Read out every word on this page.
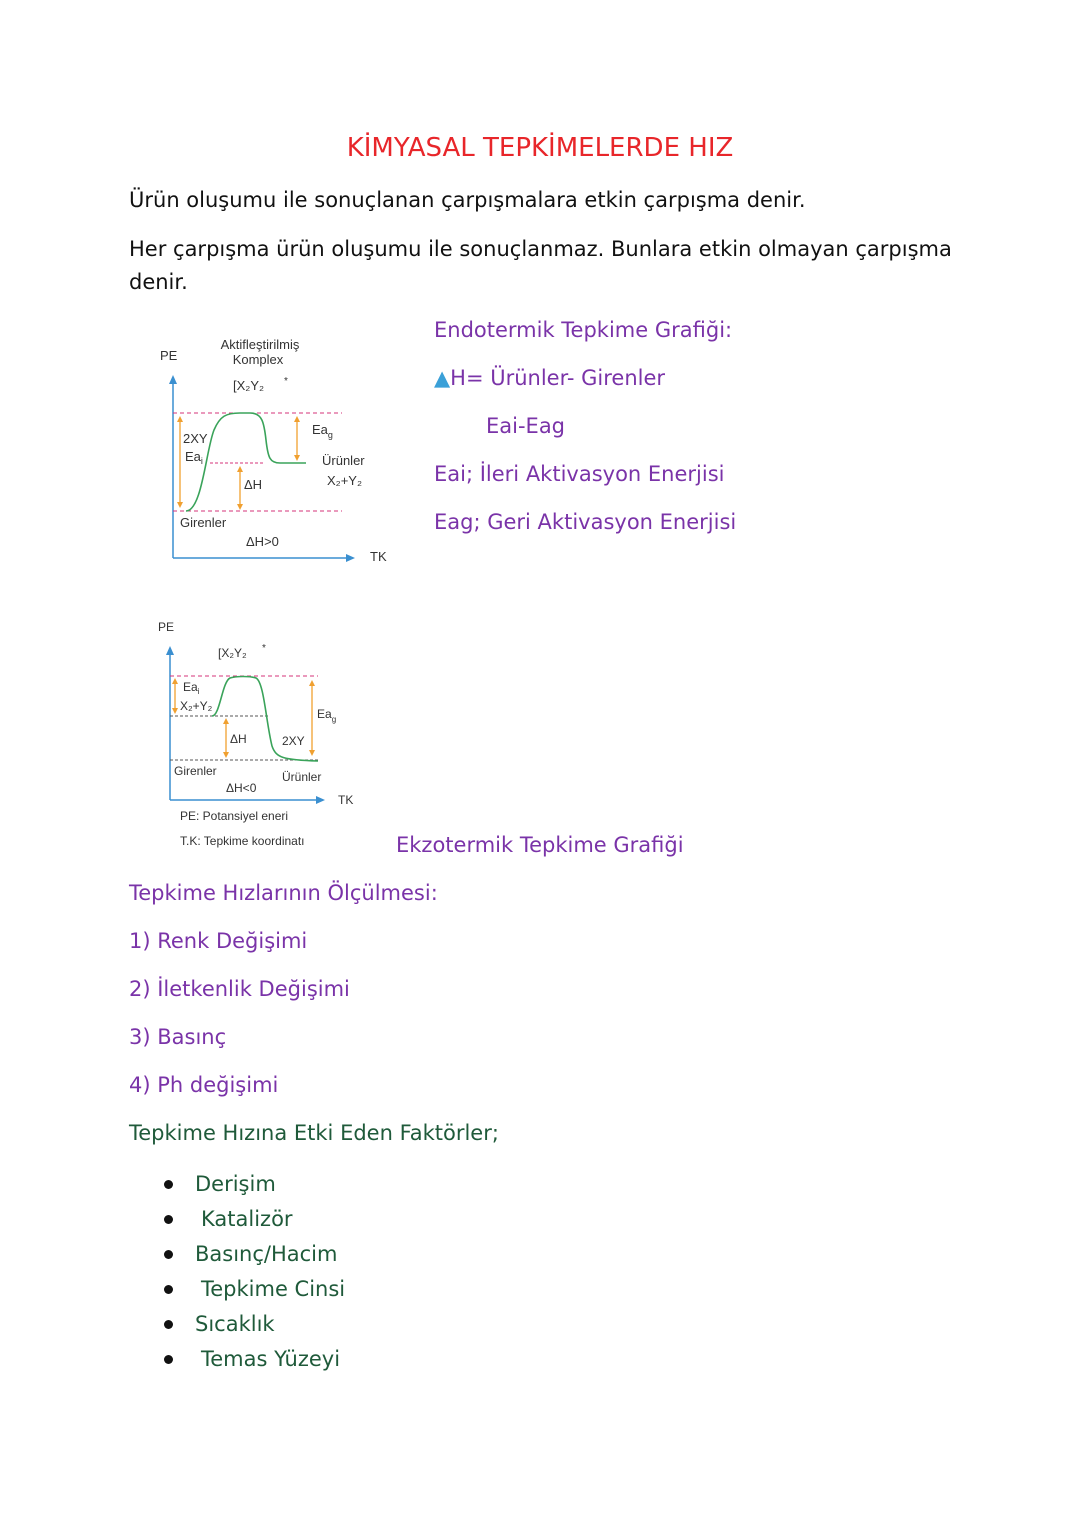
KİMYASAL TEPKİMELERDE HIZ
Ürün oluşumu ile sonuçlanan çarpışmalara etkin çarpışma denir.
Her çarpışma ürün oluşumu ile sonuçlanmaz. Bunlara etkin olmayan çarpışma
denir.
Endotermik Tepkime Grafiği:
▲H= Ürünler- Girenler
Eai-Eag
Eai; İleri Aktivasyon Enerjisi
Eag; Geri Aktivasyon Enerjisi
PE
TK
Aktifleştirilmiş
Komplex
[X₂Y₂ *
$Ea_g$
Ürünler
X₂+Y₂
2XY
$Ea_i$
ΔH
Girenler
ΔH>0
PE
TK
[X₂Y₂ *
$Ea_i$
X₂+Y₂
$Ea_g$
ΔH	2XY
Girenler	Ürünler
ΔH<0
PE: Potansiyel eneri
T.K: Tepkime koordinatı	Ekzotermik Tepkime Grafiği
Tepkime Hızlarının Ölçülmesi:
1) Renk Değişimi
2) İletkenlik Değişimi
3) Basınç
4) Ph değişimi
Tepkime Hızına Etki Eden Faktörler;
Derişim
Katalizör
Basınç/Hacim
Tepkime Cinsi
Sıcaklık
Temas Yüzeyi
